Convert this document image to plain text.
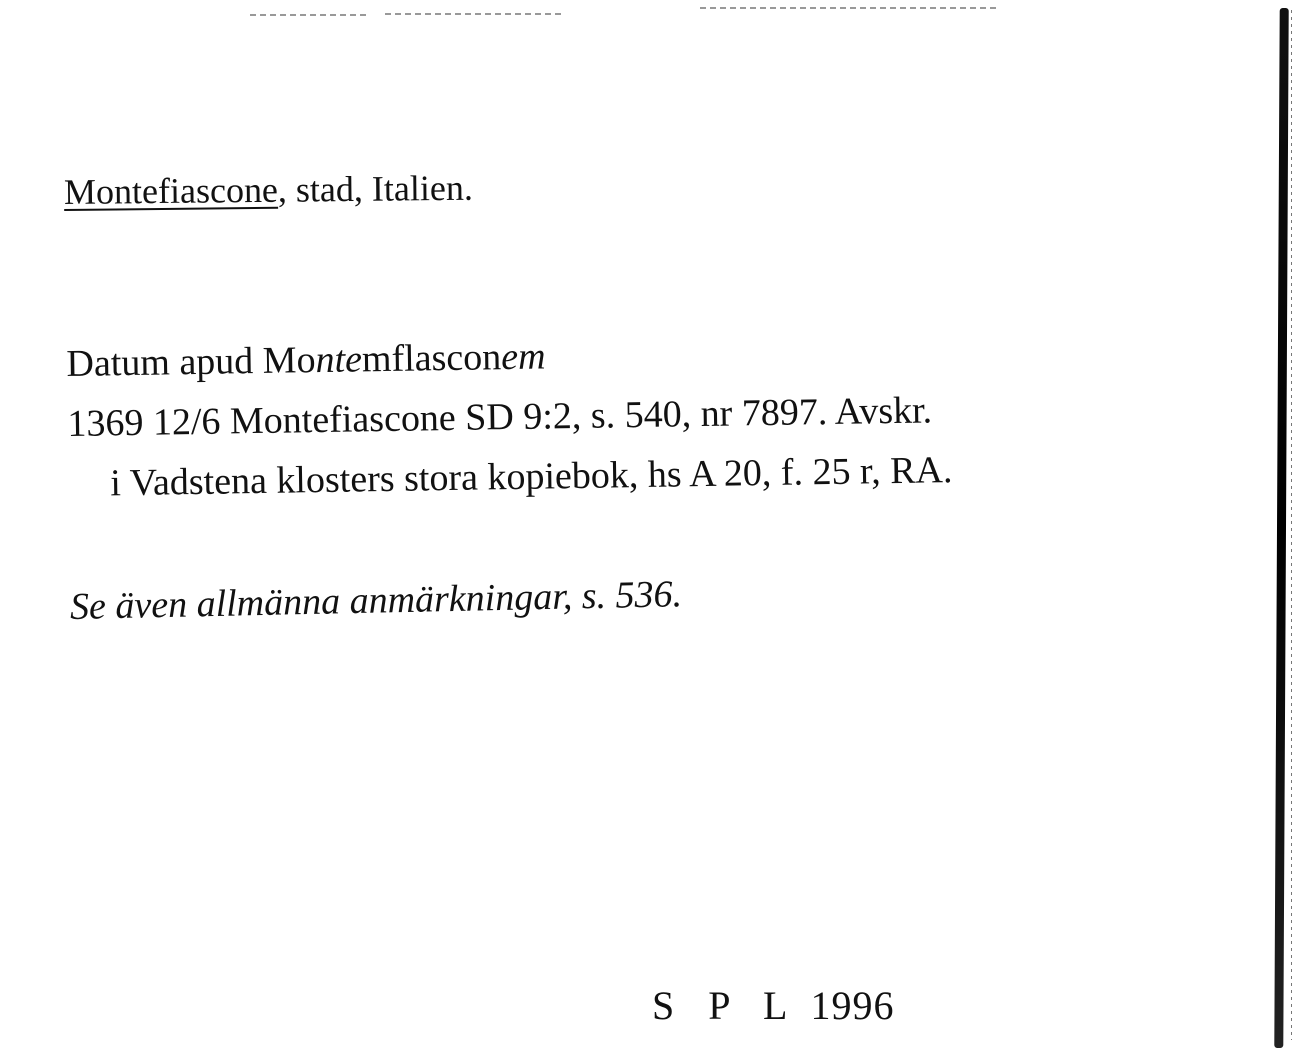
Montefiascone, stad, Italien.
Datum apud Montemflasconem
1369 12/6 Montefiascone SD 9:2, s. 540, nr 7897. Avskr.
i Vadstena klosters stora kopiebok, hs A 20, f. 25 r, RA.
Se även allmänna anmärkningar, s. 536.
S P L 1996
